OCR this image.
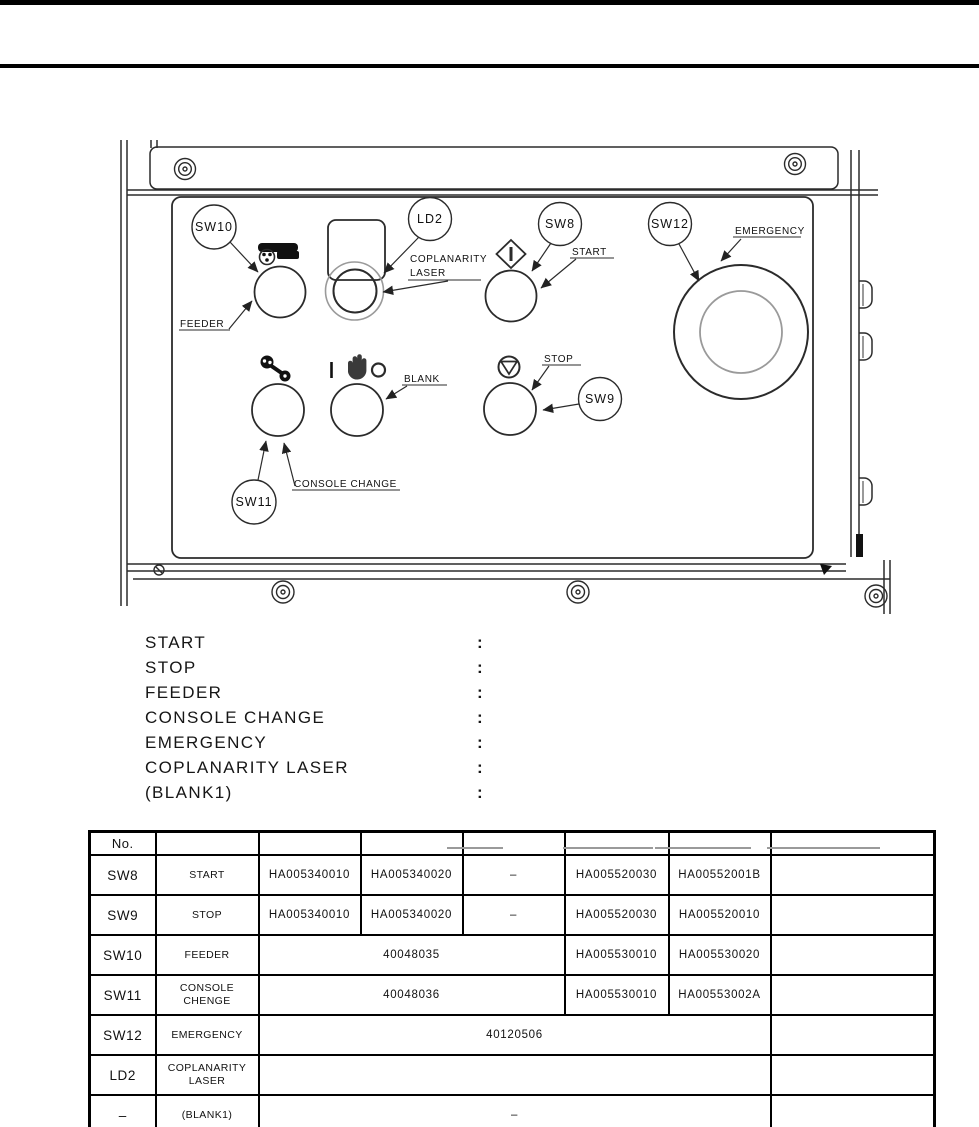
FEEDER
SW10
COPLANARITY
LASER
LD2
START
SW8
EMERGENCY
SW12
CONSOLE CHANGE
SW11
BLANK
STOP
SW9
START	:
STOP	:
FEEDER	:
CONSOLE CHANGE	:
EMERGENCY	:
COPLANARITY LASER	:
(BLANK1)	:
No.							
SW8	START	HA005340010	HA005340020	–	HA005520030	HA00552001B	
SW9	STOP	HA005340010	HA005340020	–	HA005520030	HA005520010	
SW10	FEEDER	40048035			HA005530010	HA005530020	
SW11	CONSOLE
CHENGE	40048036			HA005530010	HA00553002A	
SW12	EMERGENCY	40120506					
LD2	COPLANARITY
LASER						

–	(BLANK1)	–					
